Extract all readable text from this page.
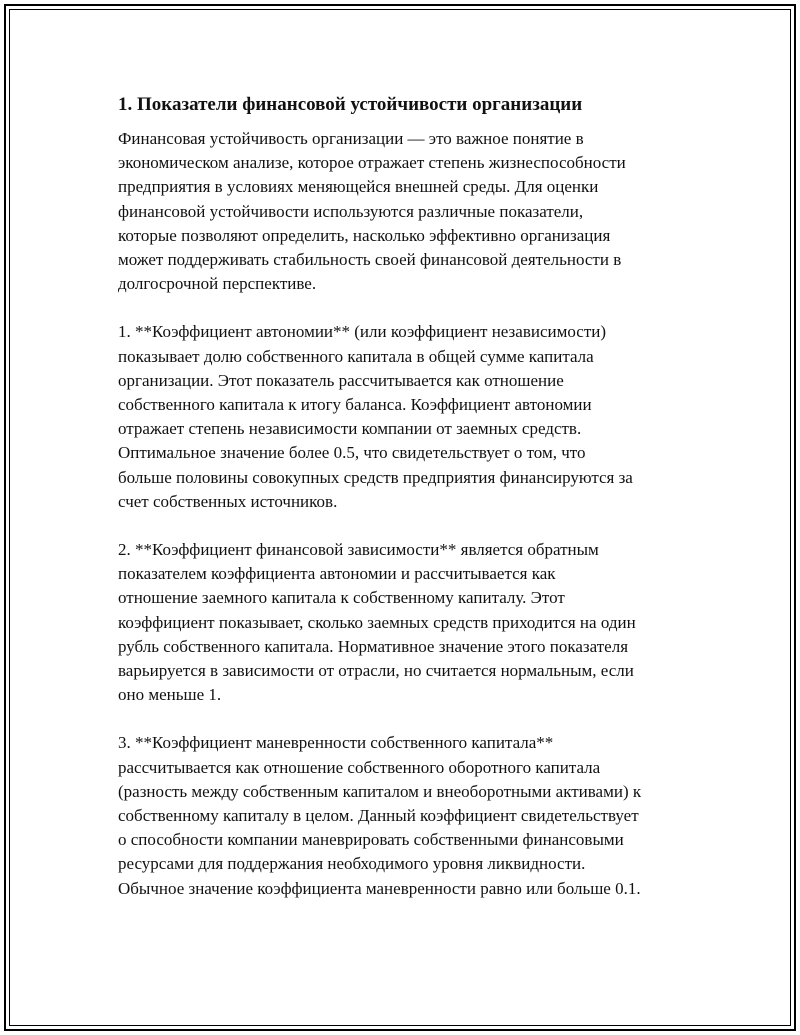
1. Показатели финансовой устойчивости организации

Финансовая устойчивость организации — это важное понятие в
экономическом анализе, которое отражает степень жизнеспособности
предприятия в условиях меняющейся внешней среды. Для оценки
финансовой устойчивости используются различные показатели,
которые позволяют определить, насколько эффективно организация
может поддерживать стабильность своей финансовой деятельности в
долгосрочной перспективе.

1. **Коэффициент автономии** (или коэффициент независимости)
показывает долю собственного капитала в общей сумме капитала
организации. Этот показатель рассчитывается как отношение
собственного капитала к итогу баланса. Коэффициент автономии
отражает степень независимости компании от заемных средств.
Оптимальное значение более 0.5, что свидетельствует о том, что
больше половины совокупных средств предприятия финансируются за
счет собственных источников.

2. **Коэффициент финансовой зависимости** является обратным
показателем коэффициента автономии и рассчитывается как
отношение заемного капитала к собственному капиталу. Этот
коэффициент показывает, сколько заемных средств приходится на один
рубль собственного капитала. Нормативное значение этого показателя
варьируется в зависимости от отрасли, но считается нормальным, если
оно меньше 1.

3. **Коэффициент маневренности собственного капитала**
рассчитывается как отношение собственного оборотного капитала
(разность между собственным капиталом и внеоборотными активами) к
собственному капиталу в целом. Данный коэффициент свидетельствует
о способности компании маневрировать собственными финансовыми
ресурсами для поддержания необходимого уровня ликвидности.
Обычное значение коэффициента маневренности равно или больше 0.1.
